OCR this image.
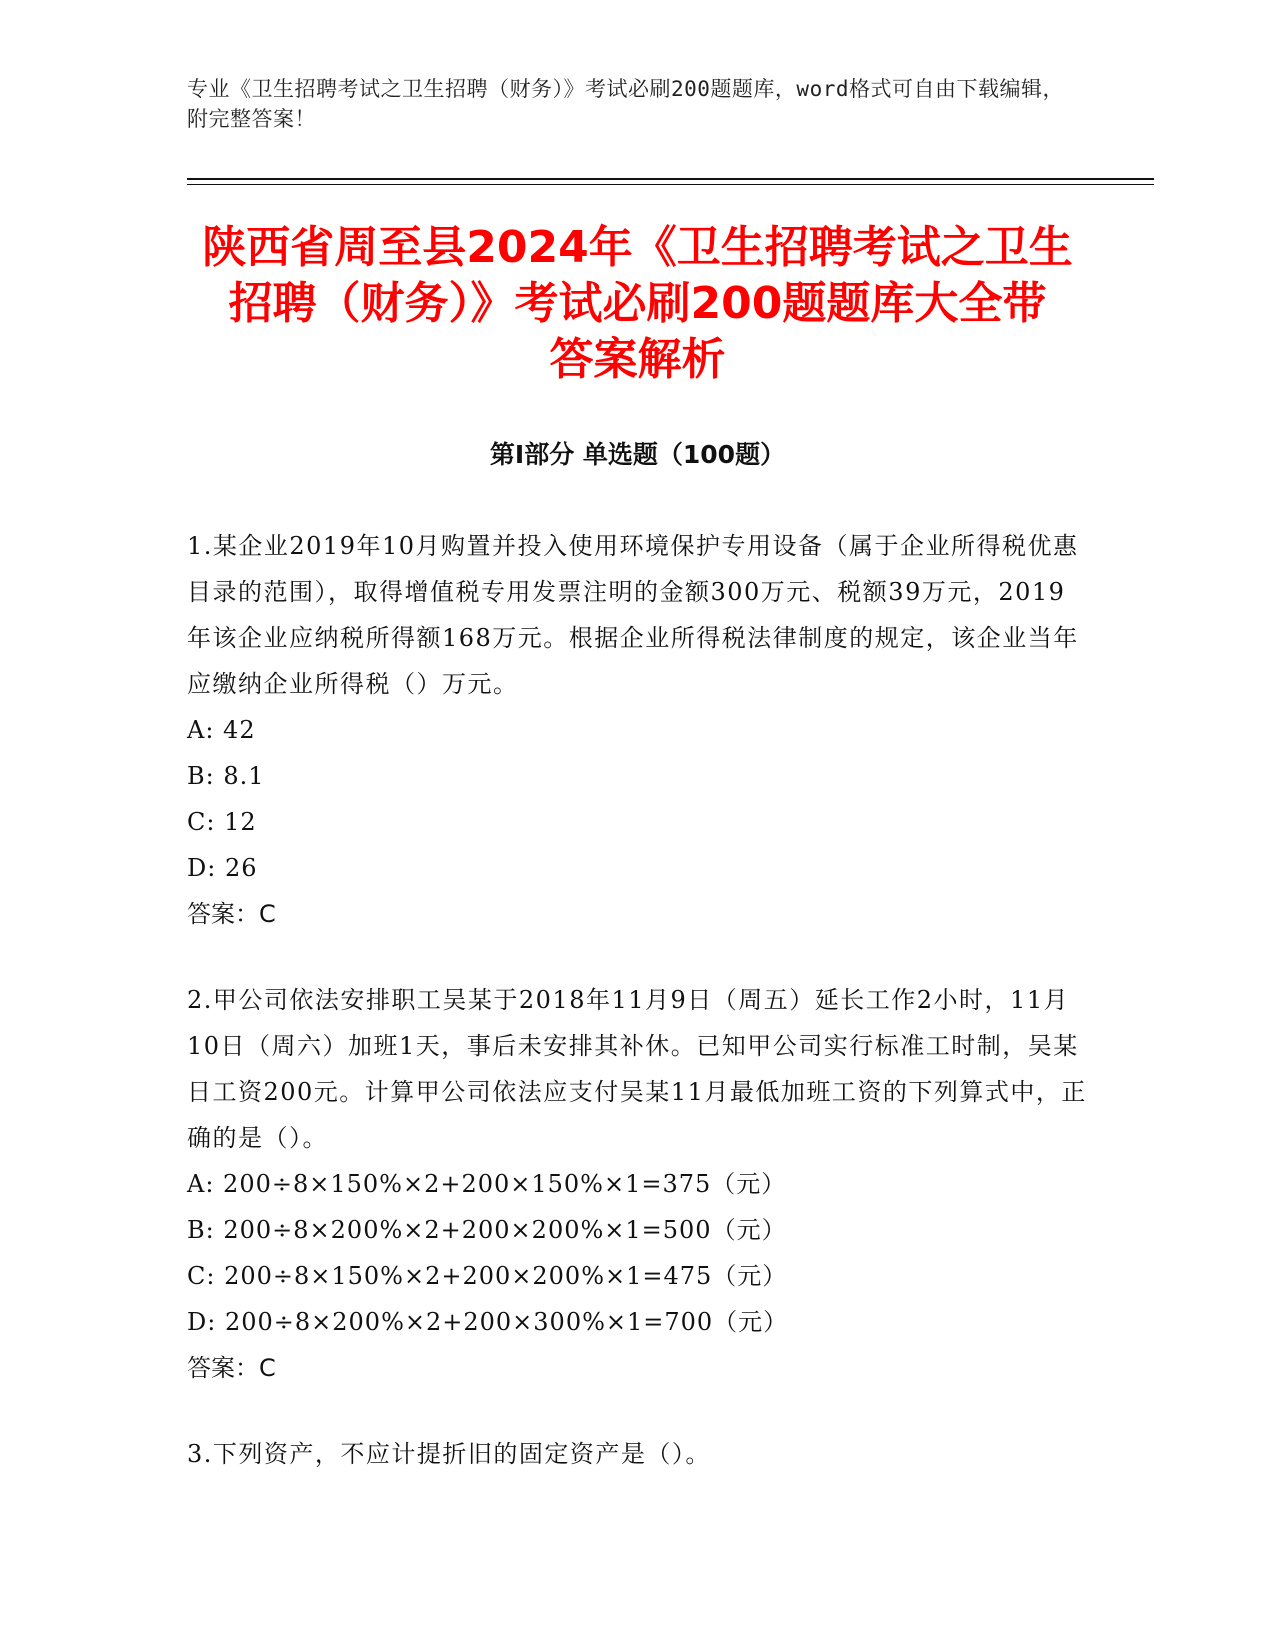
专业《卫生招聘考试之卫生招聘（财务）》考试必刷200题题库，word格式可自由下载编辑，附完整答案！
陕西省周至县2024年《卫生招聘考试之卫生
招聘（财务）》考试必刷200题题库大全带
答案解析
第Ⅰ部分 单选题（100题）
1.某企业2019年10月购置并投入使用环境保护专用设备（属于企业所得税优惠目录的范围），取得增值税专用发票注明的金额300万元、税额39万元，2019年该企业应纳税所得额168万元。根据企业所得税法律制度的规定，该企业当年应缴纳企业所得税（）万元。
A: 42
B: 8.1
C: 12
D: 26
答案：C
2.甲公司依法安排职工吴某于2018年11月9日（周五）延长工作2小时，11月10日（周六）加班1天，事后未安排其补休。已知甲公司实行标准工时制，吴某日工资200元。计算甲公司依法应支付吴某11月最低加班工资的下列算式中，正确的是（）。
A: 200÷8×150%×2+200×150%×1=375（元）
B: 200÷8×200%×2+200×200%×1=500（元）
C: 200÷8×150%×2+200×200%×1=475（元）
D: 200÷8×200%×2+200×300%×1=700（元）
答案：C
3.下列资产，不应计提折旧的固定资产是（）。
